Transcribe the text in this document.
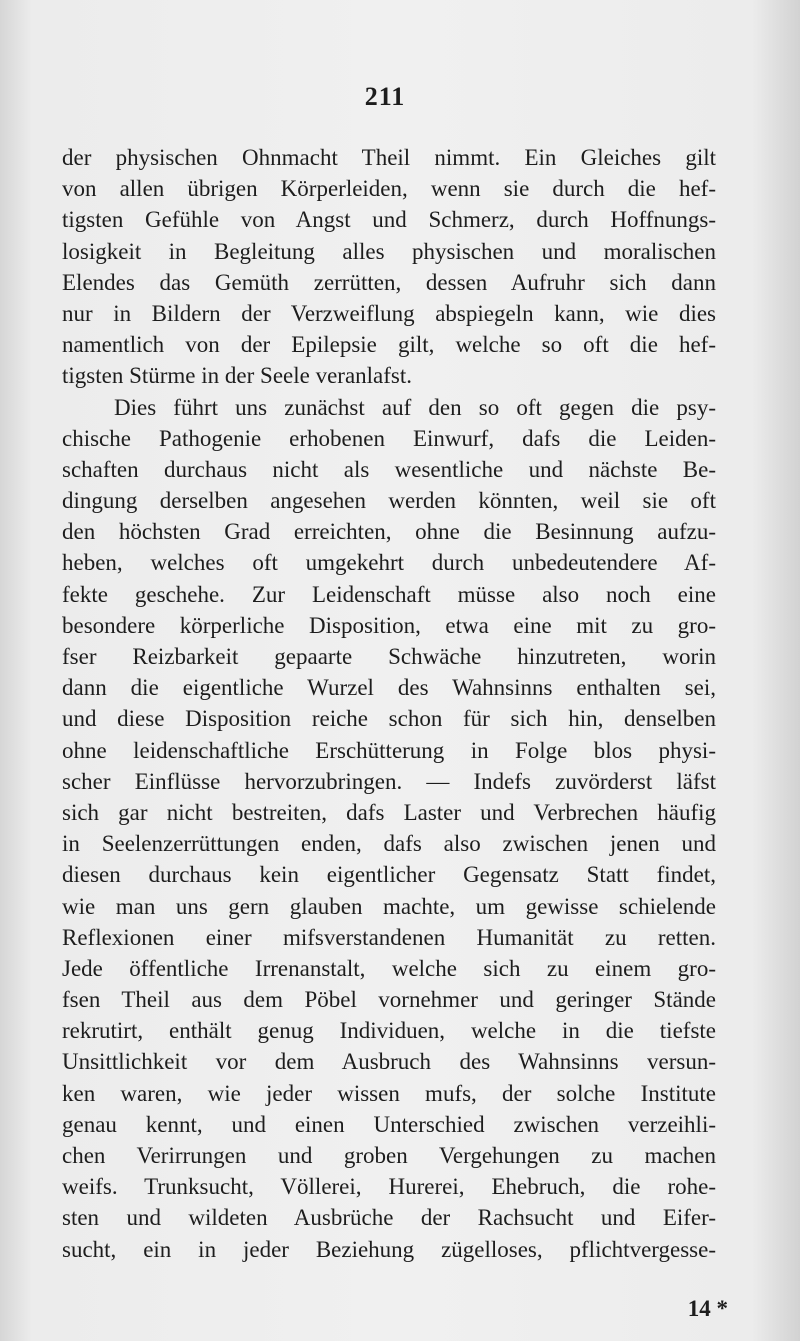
211
der physischen Ohnmacht Theil nimmt. Ein Gleiches gilt
von allen übrigen Körperleiden, wenn sie durch die hef-
tigsten Gefühle von Angst und Schmerz, durch Hoffnungs-
losigkeit in Begleitung alles physischen und moralischen
Elendes das Gemüth zerrütten, dessen Aufruhr sich dann
nur in Bildern der Verzweiflung abspiegeln kann, wie dies
namentlich von der Epilepsie gilt, welche so oft die hef-
tigsten Stürme in der Seele veranlafst.
Dies führt uns zunächst auf den so oft gegen die psy-
chische Pathogenie erhobenen Einwurf, dafs die Leiden-
schaften durchaus nicht als wesentliche und nächste Be-
dingung derselben angesehen werden könnten, weil sie oft
den höchsten Grad erreichten, ohne die Besinnung aufzu-
heben, welches oft umgekehrt durch unbedeutendere Af-
fekte geschehe. Zur Leidenschaft müsse also noch eine
besondere körperliche Disposition, etwa eine mit zu gro-
fser Reizbarkeit gepaarte Schwäche hinzutreten, worin
dann die eigentliche Wurzel des Wahnsinns enthalten sei,
und diese Disposition reiche schon für sich hin, denselben
ohne leidenschaftliche Erschütterung in Folge blos physi-
scher Einflüsse hervorzubringen. — Indefs zuvörderst läfst
sich gar nicht bestreiten, dafs Laster und Verbrechen häufig
in Seelenzerrüttungen enden, dafs also zwischen jenen und
diesen durchaus kein eigentlicher Gegensatz Statt findet,
wie man uns gern glauben machte, um gewisse schielende
Reflexionen einer mifsverstandenen Humanität zu retten.
Jede öffentliche Irrenanstalt, welche sich zu einem gro-
fsen Theil aus dem Pöbel vornehmer und geringer Stände
rekrutirt, enthält genug Individuen, welche in die tiefste
Unsittlichkeit vor dem Ausbruch des Wahnsinns versun-
ken waren, wie jeder wissen mufs, der solche Institute
genau kennt, und einen Unterschied zwischen verzeihli-
chen Verirrungen und groben Vergehungen zu machen
weifs. Trunksucht, Völlerei, Hurerei, Ehebruch, die rohe-
sten und wildeten Ausbrüche der Rachsucht und Eifer-
sucht, ein in jeder Beziehung zügelloses, pflichtvergesse-
14 *
